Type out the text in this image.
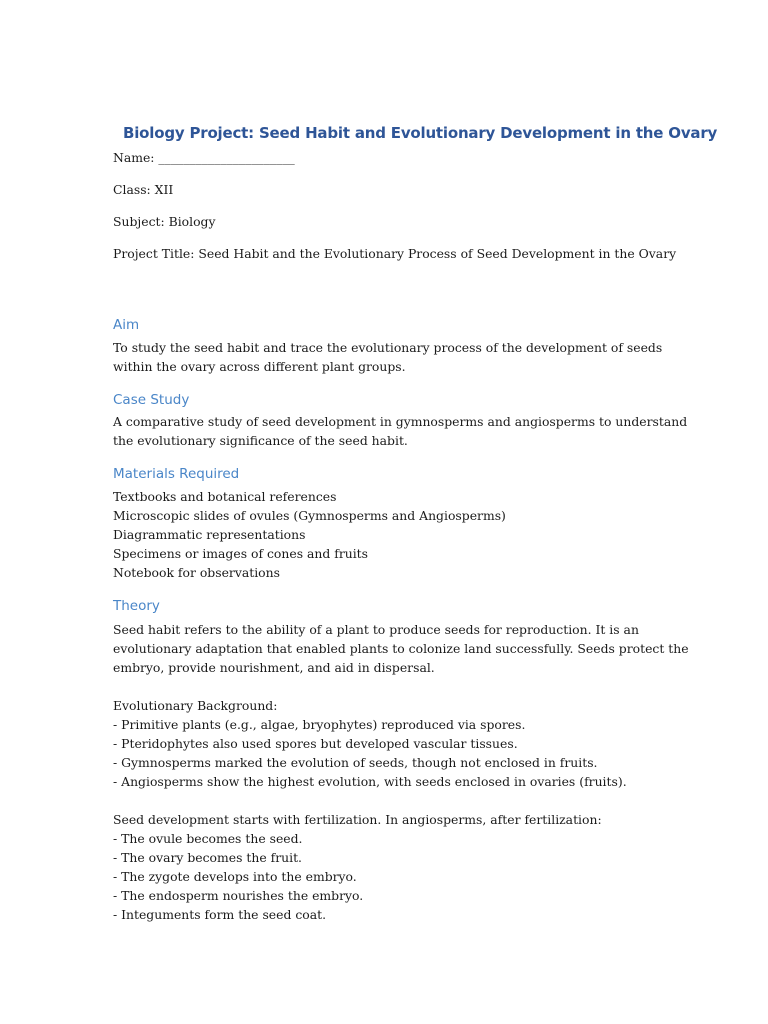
Biology Project: Seed Habit and Evolutionary Development in the Ovary
Name: ______________________
Class: XII
Subject: Biology
Project Title: Seed Habit and the Evolutionary Process of Seed Development in the Ovary
Aim
To study the seed habit and trace the evolutionary process of the development of seeds
within the ovary across different plant groups.
Case Study
A comparative study of seed development in gymnosperms and angiosperms to understand
the evolutionary significance of the seed habit.
Materials Required
Textbooks and botanical references
Microscopic slides of ovules (Gymnosperms and Angiosperms)
Diagrammatic representations
Specimens or images of cones and fruits
Notebook for observations
Theory
Seed habit refers to the ability of a plant to produce seeds for reproduction. It is an
evolutionary adaptation that enabled plants to colonize land successfully. Seeds protect the
embryo, provide nourishment, and aid in dispersal.

Evolutionary Background:
- Primitive plants (e.g., algae, bryophytes) reproduced via spores.
- Pteridophytes also used spores but developed vascular tissues.
- Gymnosperms marked the evolution of seeds, though not enclosed in fruits.
- Angiosperms show the highest evolution, with seeds enclosed in ovaries (fruits).

Seed development starts with fertilization. In angiosperms, after fertilization:
- The ovule becomes the seed.
- The ovary becomes the fruit.
- The zygote develops into the embryo.
- The endosperm nourishes the embryo.
- Integuments form the seed coat.
